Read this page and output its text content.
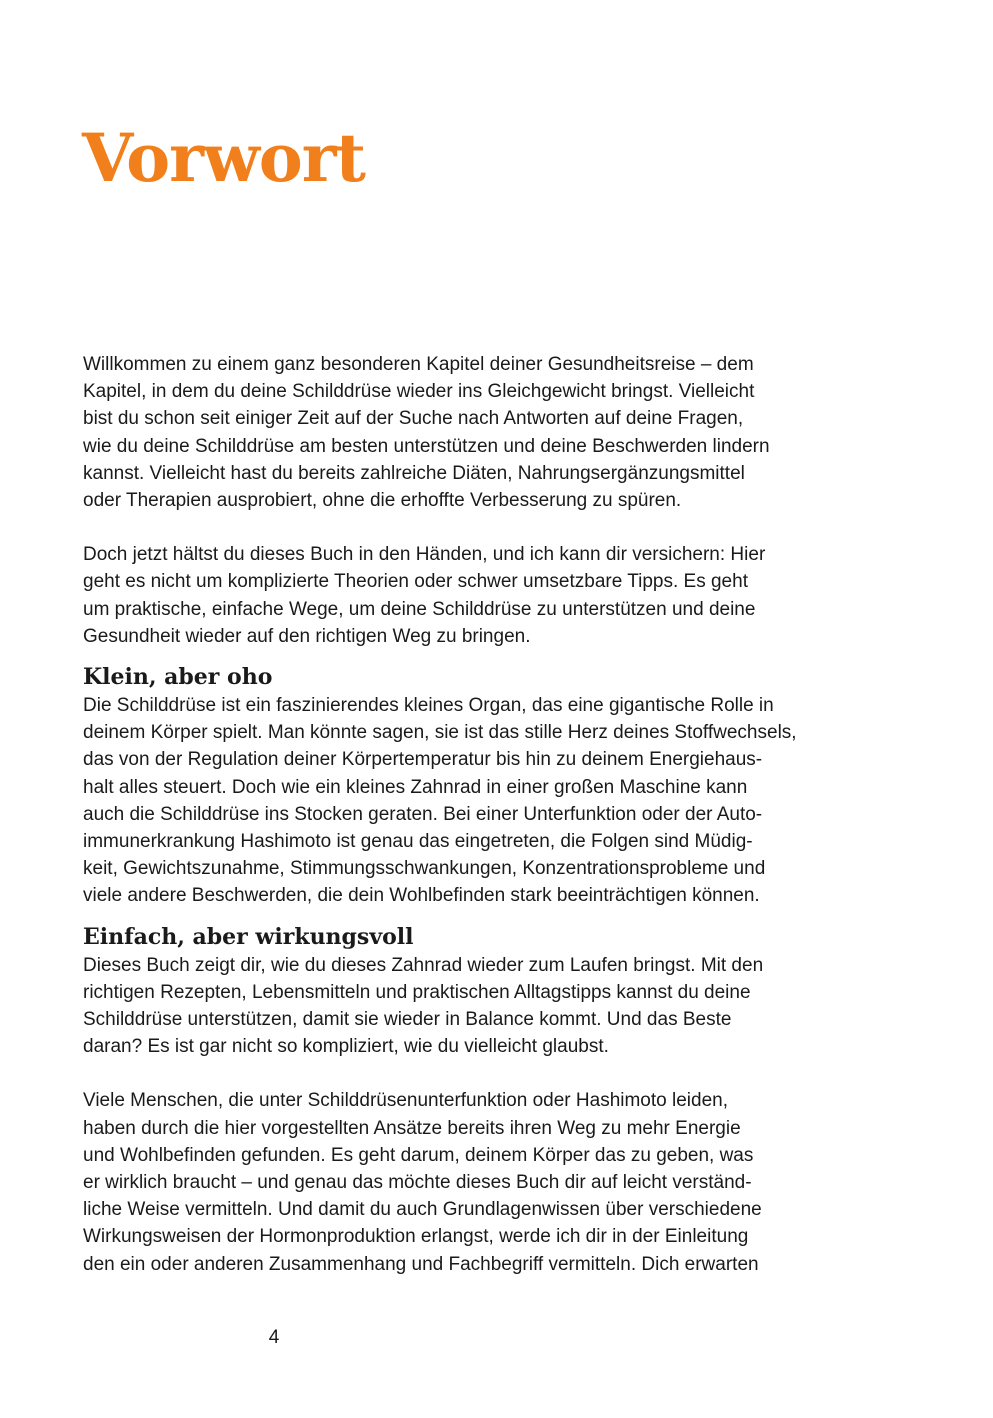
Vorwort

Willkommen zu einem ganz besonderen Kapitel deiner Gesundheitsreise – dem
Kapitel, in dem du deine Schilddrüse wieder ins Gleichgewicht bringst. Vielleicht
bist du schon seit einiger Zeit auf der Suche nach Antworten auf deine Fragen,
wie du deine Schilddrüse am besten unterstützen und deine Beschwerden lindern
kannst. Vielleicht hast du bereits zahlreiche Diäten, Nahrungsergänzungsmittel
oder Therapien ausprobiert, ohne die erhoffte Verbesserung zu spüren.

Doch jetzt hältst du dieses Buch in den Händen, und ich kann dir versichern: Hier
geht es nicht um komplizierte Theorien oder schwer umsetzbare Tipps. Es geht
um praktische, einfache Wege, um deine Schilddrüse zu unterstützen und deine
Gesundheit wieder auf den richtigen Weg zu bringen.

Klein, aber oho

Die Schilddrüse ist ein faszinierendes kleines Organ, das eine gigantische Rolle in
deinem Körper spielt. Man könnte sagen, sie ist das stille Herz deines Stoffwechsels,
das von der Regulation deiner Körpertemperatur bis hin zu deinem Energiehaus-
halt alles steuert. Doch wie ein kleines Zahnrad in einer großen Maschine kann
auch die Schilddrüse ins Stocken geraten. Bei einer Unterfunktion oder der Auto-
immunerkrankung Hashimoto ist genau das eingetreten, die Folgen sind Müdig-
keit, Gewichtszunahme, Stimmungsschwankungen, Konzentrationsprobleme und
viele andere Beschwerden, die dein Wohlbefinden stark beeinträchtigen können.

Einfach, aber wirkungsvoll

Dieses Buch zeigt dir, wie du dieses Zahnrad wieder zum Laufen bringst. Mit den
richtigen Rezepten, Lebensmitteln und praktischen Alltagstipps kannst du deine
Schilddrüse unterstützen, damit sie wieder in Balance kommt. Und das Beste
daran? Es ist gar nicht so kompliziert, wie du vielleicht glaubst.

Viele Menschen, die unter Schilddrüsenunterfunktion oder Hashimoto leiden,
haben durch die hier vorgestellten Ansätze bereits ihren Weg zu mehr Energie
und Wohlbefinden gefunden. Es geht darum, deinem Körper das zu geben, was
er wirklich braucht – und genau das möchte dieses Buch dir auf leicht verständ-
liche Weise vermitteln. Und damit du auch Grundlagenwissen über verschiedene
Wirkungsweisen der Hormonproduktion erlangst, werde ich dir in der Einleitung
den ein oder anderen Zusammenhang und Fachbegriff vermitteln. Dich erwarten

4
